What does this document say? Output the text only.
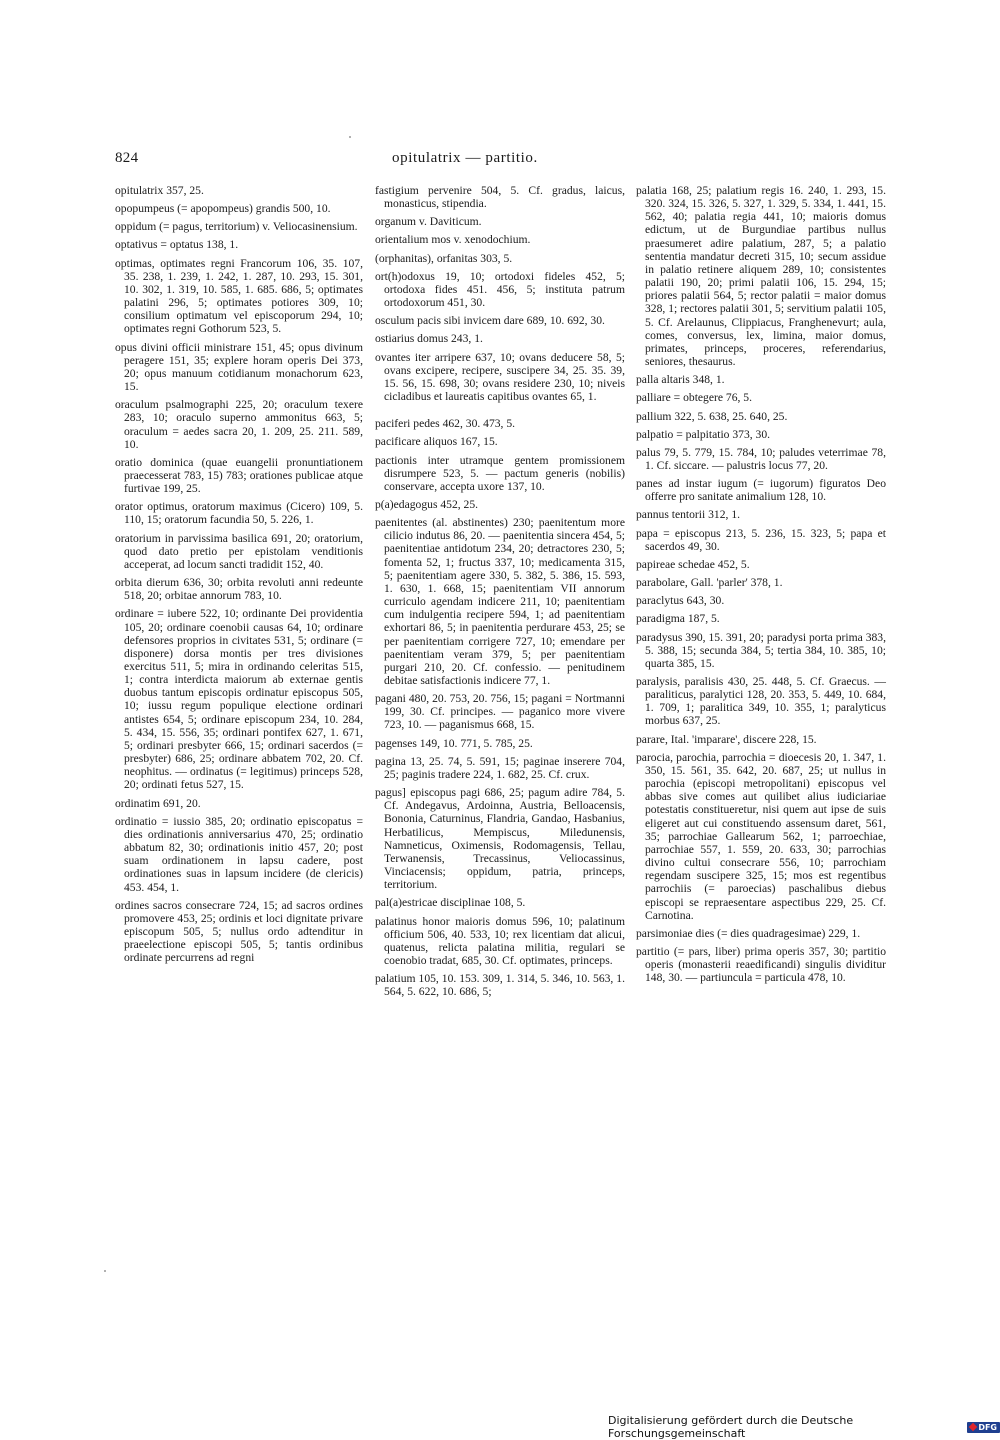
824	opitulatrix — partitio.

opitulatrix 357, 25.

opopumpeus (= apopompeus) grandis 500, 10.

oppidum (= pagus, territorium) v. Veliocasinensium.

optativus = optatus 138, 1.

optimas, optimates regni Francorum 106, 35. 107, 35. 238, 1. 239, 1. 242, 1. 287, 10. 293, 15. 301, 10. 302, 1. 319, 10. 585, 1. 685. 686, 5; optimates palatini 296, 5; optimates potiores 309, 10; consilium optimatum vel episcoporum 294, 10; optimates regni Gothorum 523, 5.

opus divini officii ministrare 151, 45; opus divinum peragere 151, 35; explere horam operis Dei 373, 20; opus manuum cotidianum monachorum 623, 15.

oraculum psalmographi 225, 20; oraculum texere 283, 10; oraculo superno ammonitus 663, 5; oraculum = aedes sacra 20, 1. 209, 25. 211. 589, 10.

oratio dominica (quae euangelii pronuntiationem praecesserat 783, 15) 783; orationes publicae atque furtivae 199, 25.

orator optimus, oratorum maximus (Cicero) 109, 5. 110, 15; oratorum facundia 50, 5. 226, 1.

oratorium in parvissima basilica 691, 20; oratorium, quod dato pretio per epistolam venditionis acceperat, ad locum sancti tradidit 152, 40.

orbita dierum 636, 30; orbita revoluti anni redeunte 518, 20; orbitae annorum 783, 10.

ordinare = iubere 522, 10; ordinante Dei providentia 105, 20; ordinare coenobii causas 64, 10; ordinare defensores proprios in civitates 531, 5; ordinare (= disponere) dorsa montis per tres divisiones exercitus 511, 5; mira in ordinando celeritas 515, 1; contra interdicta maiorum ab externae gentis duobus tantum episcopis ordinatur episcopus 505, 10; iussu regum populique electione ordinari antistes 654, 5; ordinare episcopum 234, 10. 284, 5. 434, 15. 556, 35; ordinari pontifex 627, 1. 671, 5; ordinari presbyter 666, 15; ordinari sacerdos (= presbyter) 686, 25; ordinare abbatem 702, 20. Cf. neophitus. — ordinatus (= legitimus) princeps 528, 20; ordinati fetus 527, 15.

ordinatim 691, 20.

ordinatio = iussio 385, 20; ordinatio episcopatus = dies ordinationis anniversarius 470, 25; ordinatio abbatum 82, 30; ordinationis initio 457, 20; post suam ordinationem in lapsu cadere, post ordinationes suas in lapsum incidere (de clericis) 453. 454, 1.

ordines sacros consecrare 724, 15; ad sacros ordines promovere 453, 25; ordinis et loci dignitate privare episcopum 505, 5; nullus ordo adtenditur in praeelectione episcopi 505, 5; tantis ordinibus ordinate percurrens ad regni

fastigium pervenire 504, 5. Cf. gradus, laicus, monasticus, stipendia.

organum v. Daviticum.

orientalium mos v. xenodochium.

(orphanitas), orfanitas 303, 5.

ort(h)odoxus 19, 10; ortodoxi fideles 452, 5; ortodoxa fides 451. 456, 5; instituta patrum ortodoxorum 451, 30.

osculum pacis sibi invicem dare 689, 10. 692, 30.

ostiarius domus 243, 1.

ovantes iter arripere 637, 10; ovans deducere 58, 5; ovans excipere, recipere, suscipere 34, 25. 35. 39, 15. 56, 15. 698, 30; ovans residere 230, 10; niveis cicladibus et laureatis capitibus ovantes 65, 1.

paciferi pedes 462, 30. 473, 5.

pacificare aliquos 167, 15.

pactionis inter utramque gentem promissionem disrumpere 523, 5. — pactum generis (nobilis) conservare, accepta uxore 137, 10.

p(a)edagogus 452, 25.

paenitentes (al. abstinentes) 230; paenitentum more cilicio indutus 86, 20. — paenitentia sincera 454, 5; paenitentiae antidotum 234, 20; detractores 230, 5; fomenta 52, 1; fructus 337, 10; medicamenta 315, 5; paenitentiam agere 330, 5. 382, 5. 386, 15. 593, 1. 630, 1. 668, 15; paenitentiam VII annorum curriculo agendam indicere 211, 10; paenitentiam cum indulgentia recipere 594, 1; ad paenitentiam exhortari 86, 5; in paenitentia perdurare 453, 25; se per paenitentiam corrigere 727, 10; emendare per paenitentiam veram 379, 5; per paenitentiam purgari 210, 20. Cf. confessio. — penitudinem debitae satisfactionis indicere 77, 1.

pagani 480, 20. 753, 20. 756, 15; pagani = Nortmanni 199, 30. Cf. principes. — paganico more vivere 723, 10. — paganismus 668, 15.

pagenses 149, 10. 771, 5. 785, 25.

pagina 13, 25. 74, 5. 591, 15; paginae inserere 704, 25; paginis tradere 224, 1. 682, 25. Cf. crux.

pagus] episcopus pagi 686, 25; pagum adire 784, 5. Cf. Andegavus, Ardoinna, Austria, Belloacensis, Bononia, Caturninus, Flandria, Gandao, Hasbanius, Herbatilicus, Mempiscus, Miledunensis, Namneticus, Oximensis, Rodomagensis, Tellau, Terwanensis, Trecassinus, Veliocassinus, Vinciacensis; oppidum, patria, princeps, territorium.

pal(a)estricae disciplinae 108, 5.

palatinus honor maioris domus 596, 10; palatinum officium 506, 40. 533, 10; rex licentiam dat alicui, quatenus, relicta palatina militia, regulari se coenobio tradat, 685, 30. Cf. optimates, princeps.

palatium 105, 10. 153. 309, 1. 314, 5. 346, 10. 563, 1. 564, 5. 622, 10. 686, 5;

palatia 168, 25; palatium regis 16. 240, 1. 293, 15. 320. 324, 15. 326, 5. 327, 1. 329, 5. 334, 1. 441, 15. 562, 40; palatia regia 441, 10; maioris domus edictum, ut de Burgundiae partibus nullus praesumeret adire palatium, 287, 5; a palatio sententia mandatur decreti 315, 10; secum assidue in palatio retinere aliquem 289, 10; consistentes palatii 190, 20; primi palatii 106, 15. 294, 15; priores palatii 564, 5; rector palatii = maior domus 328, 1; rectores palatii 301, 5; servitium palatii 105, 5. Cf. Arelaunus, Clippiacus, Franghenevurt; aula, comes, conversus, lex, limina, maior domus, primates, princeps, proceres, referendarius, seniores, thesaurus.

palla altaris 348, 1.

palliare = obtegere 76, 5.

pallium 322, 5. 638, 25. 640, 25.

palpatio = palpitatio 373, 30.

palus 79, 5. 779, 15. 784, 10; paludes veterrimae 78, 1. Cf. siccare. — palustris locus 77, 20.

panes ad instar iugum (= iugorum) figuratos Deo offerre pro sanitate animalium 128, 10.

pannus tentorii 312, 1.

papa = episcopus 213, 5. 236, 15. 323, 5; papa et sacerdos 49, 30.

papireae schedae 452, 5.

parabolare, Gall. 'parler' 378, 1.

paraclytus 643, 30.

paradigma 187, 5.

paradysus 390, 15. 391, 20; paradysi porta prima 383, 5. 388, 15; secunda 384, 5; tertia 384, 10. 385, 10; quarta 385, 15.

paralysis, paralisis 430, 25. 448, 5. Cf. Graecus. — paraliticus, paralytici 128, 20. 353, 5. 449, 10. 684, 1. 709, 1; paralitica 349, 10. 355, 1; paralyticus morbus 637, 25.

parare, Ital. 'imparare', discere 228, 15.

parocia, parochia, parrochia = dioecesis 20, 1. 347, 1. 350, 15. 561, 35. 642, 20. 687, 25; ut nullus in parochia (episcopi metropolitani) episcopus vel abbas sive comes aut quilibet alius iudiciariae potestatis constitueretur, nisi quem aut ipse de suis eligeret aut cui constituendo assensum daret, 561, 35; parrochiae Gallearum 562, 1; parroechiae, parrochiae 557, 1. 559, 20. 633, 30; parrochias divino cultui consecrare 556, 10; parrochiam regendam suscipere 325, 15; mos est regentibus parrochiis (= paroecias) paschalibus diebus episcopi se repraesentare aspectibus 229, 25. Cf. Carnotina.

parsimoniae dies (= dies quadragesimae) 229, 1.

partitio (= pars, liber) prima operis 357, 30; partitio operis (monasterii reaedificandi) singulis dividitur 148, 30. — partiuncula = particula 478, 10.

Digitalisierung gefördert durch die Deutsche Forschungsgemeinschaft	DFG
